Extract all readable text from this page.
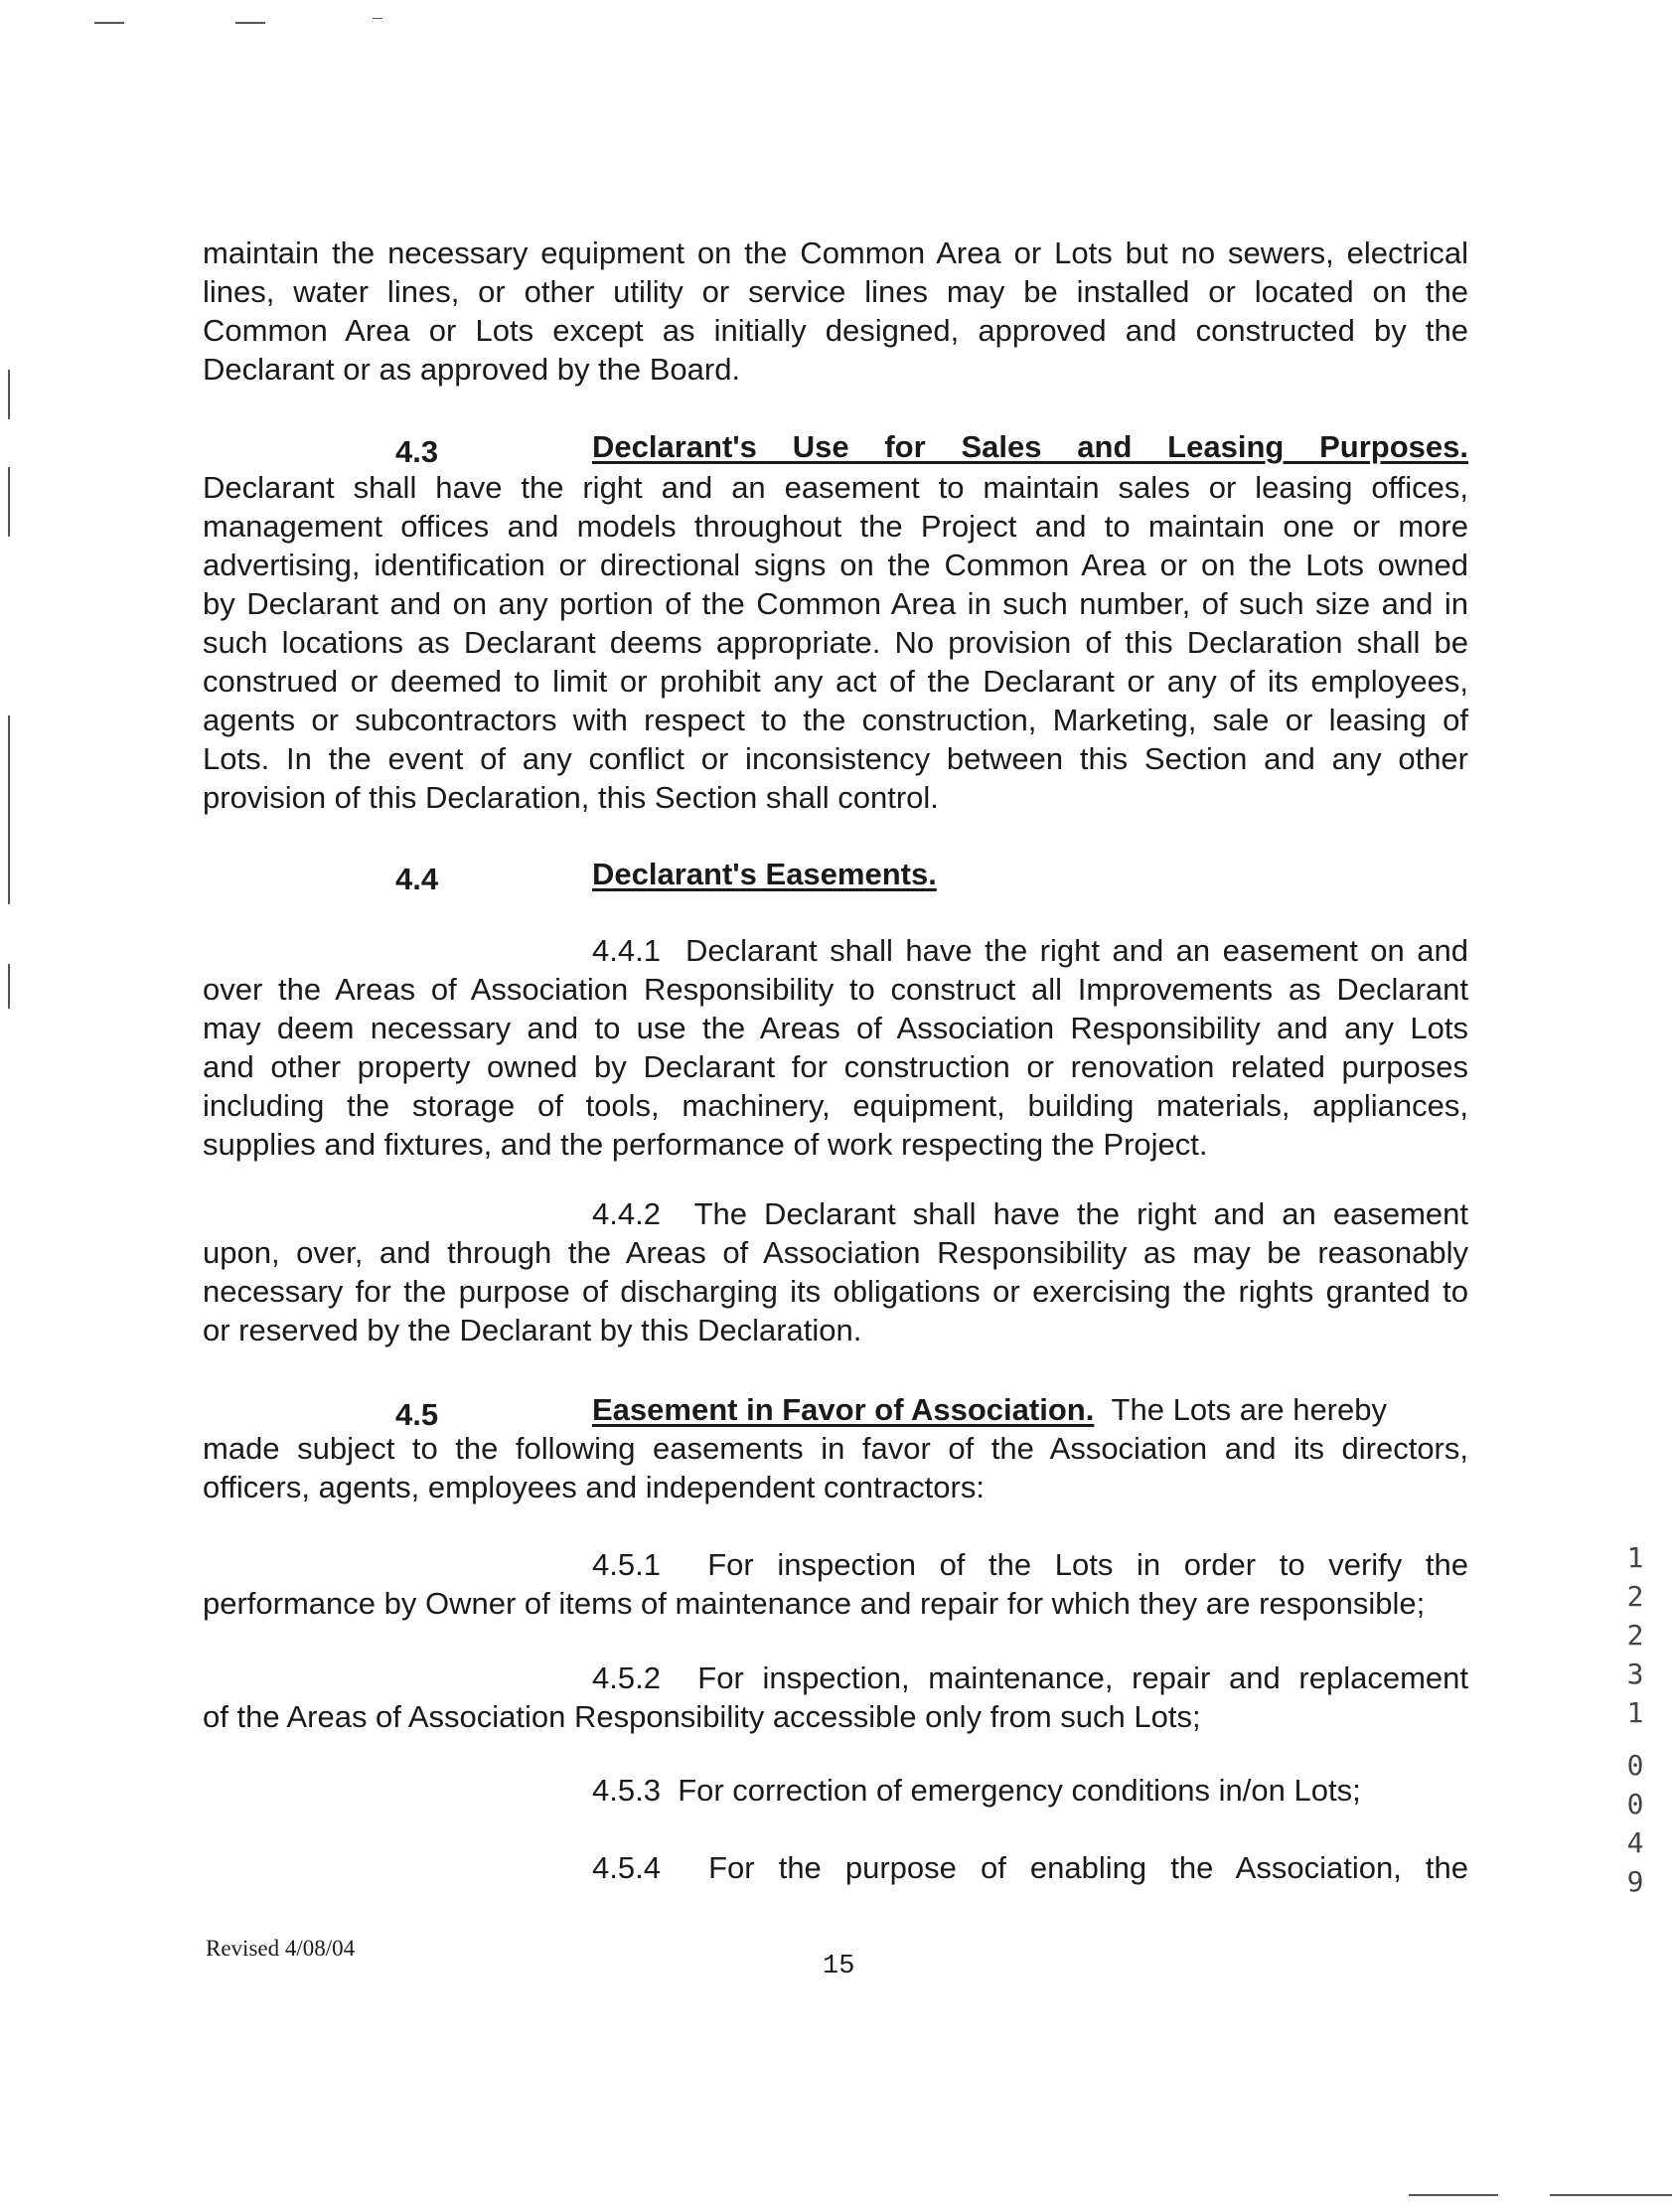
maintain the necessary equipment on the Common Area or Lots but no sewers, electrical
lines, water lines, or other utility or service lines may be installed or located on the
Common Area or Lots except as initially designed, approved and constructed by the
Declarant or as approved by the Board.
4.3	Declarant's Use for Sales and Leasing Purposes.
Declarant shall have the right and an easement to maintain sales or leasing offices,
management offices and models throughout the Project and to maintain one or more
advertising, identification or directional signs on the Common Area or on the Lots owned
by Declarant and on any portion of the Common Area in such number, of such size and in
such locations as Declarant deems appropriate. No provision of this Declaration shall be
construed or deemed to limit or prohibit any act of the Declarant or any of its employees,
agents or subcontractors with respect to the construction, Marketing, sale or leasing of
Lots. In the event of any conflict or inconsistency between this Section and any other
provision of this Declaration, this Section shall control.
4.4	Declarant's Easements.
4.4.1 Declarant shall have the right and an easement on and
over the Areas of Association Responsibility to construct all Improvements as Declarant
may deem necessary and to use the Areas of Association Responsibility and any Lots
and other property owned by Declarant for construction or renovation related purposes
including the storage of tools, machinery, equipment, building materials, appliances,
supplies and fixtures, and the performance of work respecting the Project.
4.4.2 The Declarant shall have the right and an easement
upon, over, and through the Areas of Association Responsibility as may be reasonably
necessary for the purpose of discharging its obligations or exercising the rights granted to
or reserved by the Declarant by this Declaration.
4.5	Easement in Favor of Association. The Lots are hereby
made subject to the following easements in favor of the Association and its directors,
officers, agents, employees and independent contractors:
4.5.1 For inspection of the Lots in order to verify the
performance by Owner of items of maintenance and repair for which they are responsible;
4.5.2 For inspection, maintenance, repair and replacement
of the Areas of Association Responsibility accessible only from such Lots;
4.5.3 For correction of emergency conditions in/on Lots;
4.5.4 For the purpose of enabling the Association, the
Revised 4/08/04
15
1
2
2
3
1
0
0
4
9
